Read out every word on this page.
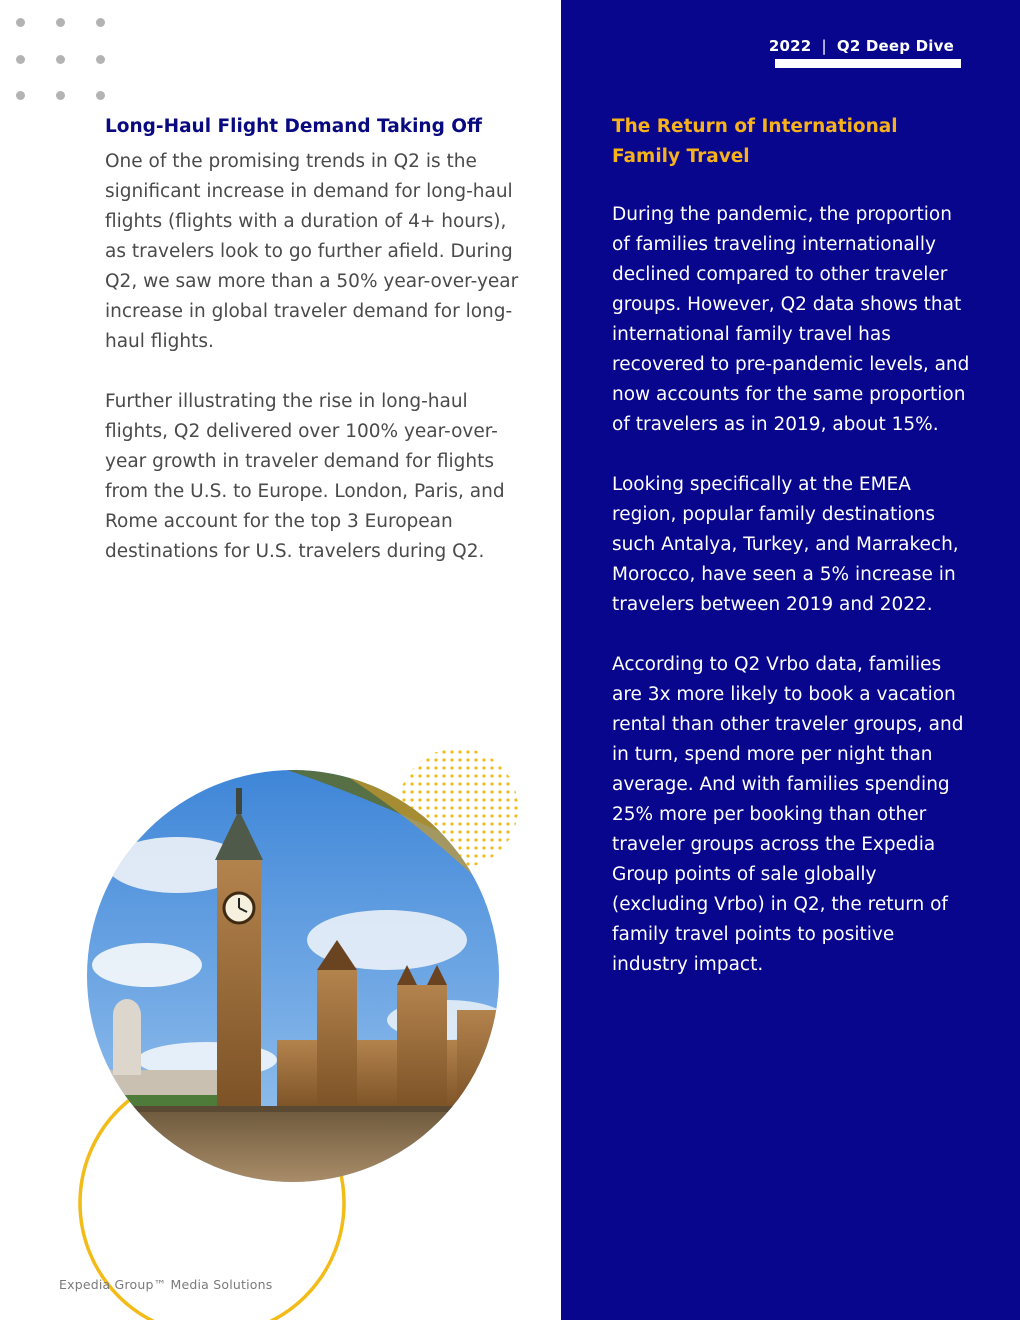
Long-Haul Flight Demand Taking Off

One of the promising trends in Q2 is the significant increase in demand for long-haul flights (flights with a duration of 4+ hours), as travelers look to go further afield. During Q2, we saw more than a 50% year-over-year increase in global traveler demand for long-haul flights.

Further illustrating the rise in long-haul flights, Q2 delivered over 100% year-over-year growth in traveler demand for flights from the U.S. to Europe. London, Paris, and Rome account for the top 3 European destinations for U.S. travelers during Q2.

Expedia Group™ Media Solutions
2022 | Q2 Deep Dive
The Return of International Family Travel

During the pandemic, the proportion of families traveling internationally declined compared to other traveler groups. However, Q2 data shows that international family travel has recovered to pre-pandemic levels, and now accounts for the same proportion of travelers as in 2019, about 15%.

Looking specifically at the EMEA region, popular family destinations such Antalya, Turkey, and Marrakech, Morocco, have seen a 5% increase in travelers between 2019 and 2022.

According to Q2 Vrbo data, families are 3x more likely to book a vacation rental than other traveler groups, and in turn, spend more per night than average. And with families spending 25% more per booking than other traveler groups across the Expedia Group points of sale globally (excluding Vrbo) in Q2, the return of family travel points to positive industry impact.
